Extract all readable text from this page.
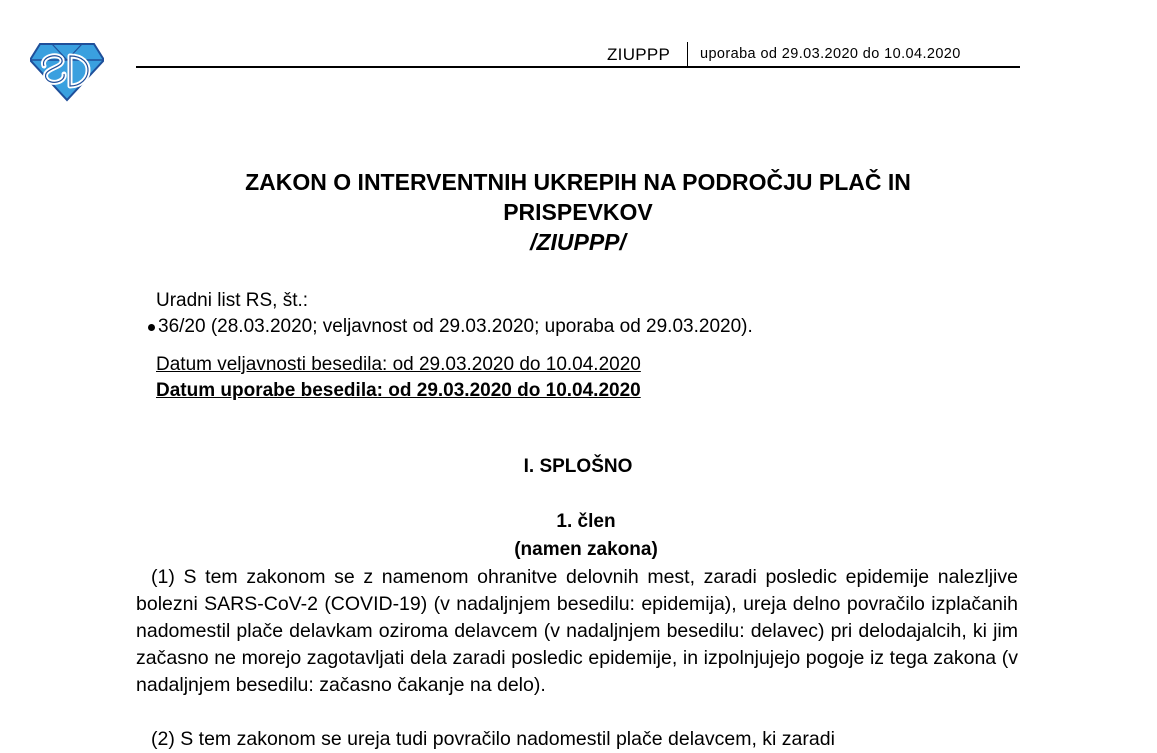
ZIUPPP uporaba od 29.03.2020 do 10.04.2020
ZAKON O INTERVENTNIH UKREPIH NA PODROČJU PLAČ IN
PRISPEVKOV
/ZIUPPP/
Uradni list RS, št.:
36/20 (28.03.2020; veljavnost od 29.03.2020; uporaba od 29.03.2020).
Datum veljavnosti besedila: od 29.03.2020 do 10.04.2020
Datum uporabe besedila: od 29.03.2020 do 10.04.2020
I. SPLOŠNO
1. člen
(namen zakona)

(1) S tem zakonom se z namenom ohranitve delovnih mest, zaradi posledic epidemije nalezljive bolezni SARS-CoV-2 (COVID-19) (v nadaljnjem besedilu: epidemija), ureja delno povračilo izplačanih nadomestil plače delavkam oziroma delavcem (v nadaljnjem besedilu: delavec) pri delodajalcih, ki jim začasno ne morejo zagotavljati dela zaradi posledic epidemije, in izpolnjujejo pogoje iz tega zakona (v nadaljnjem besedilu: začasno čakanje na delo).

(2) S tem zakonom se ureja tudi povračilo nadomestil plače delavcem, ki zaradi
